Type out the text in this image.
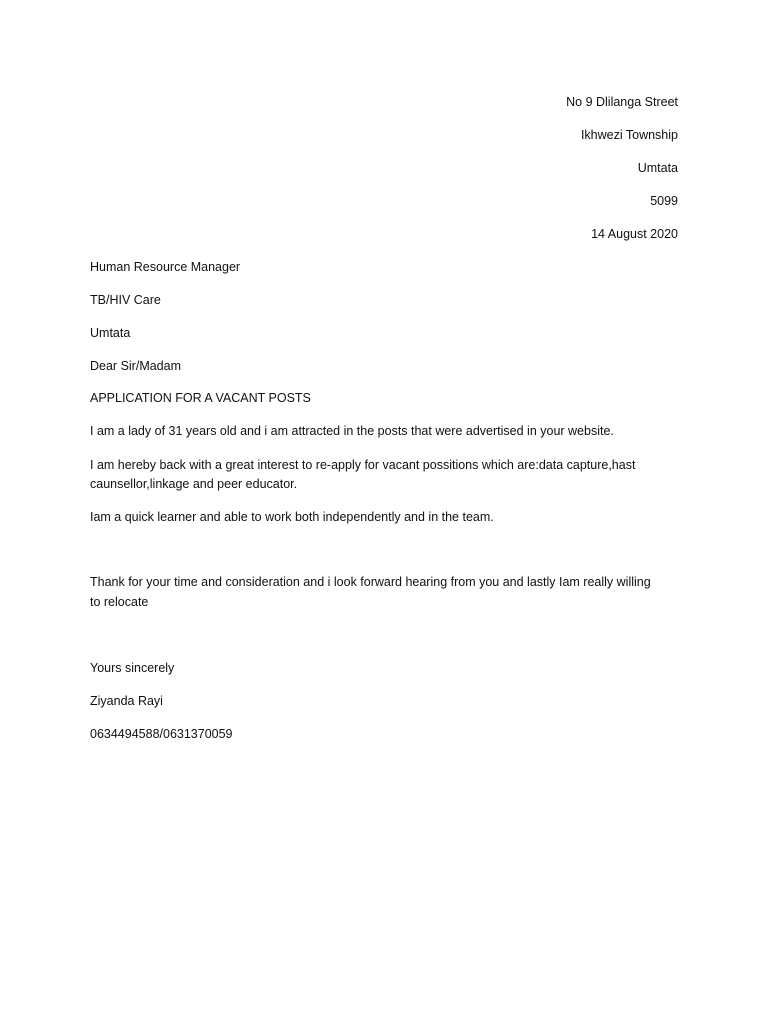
No 9 Dlilanga Street
Ikhwezi Township
Umtata
5099
14 August 2020
Human Resource Manager
TB/HIV Care
Umtata
Dear Sir/Madam
APPLICATION FOR A VACANT POSTS
I am a lady of 31 years old and i am attracted in the posts that were advertised in your website.
I am hereby back with a great interest to re-apply for vacant possitions which are:data capture,hast
caunsellor,linkage and peer educator.
Iam a quick learner and able to work both independently and in the team.
Thank for your time and consideration and i look forward hearing from you and lastly Iam really willing
to relocate
Yours sincerely
Ziyanda Rayi
0634494588/0631370059
